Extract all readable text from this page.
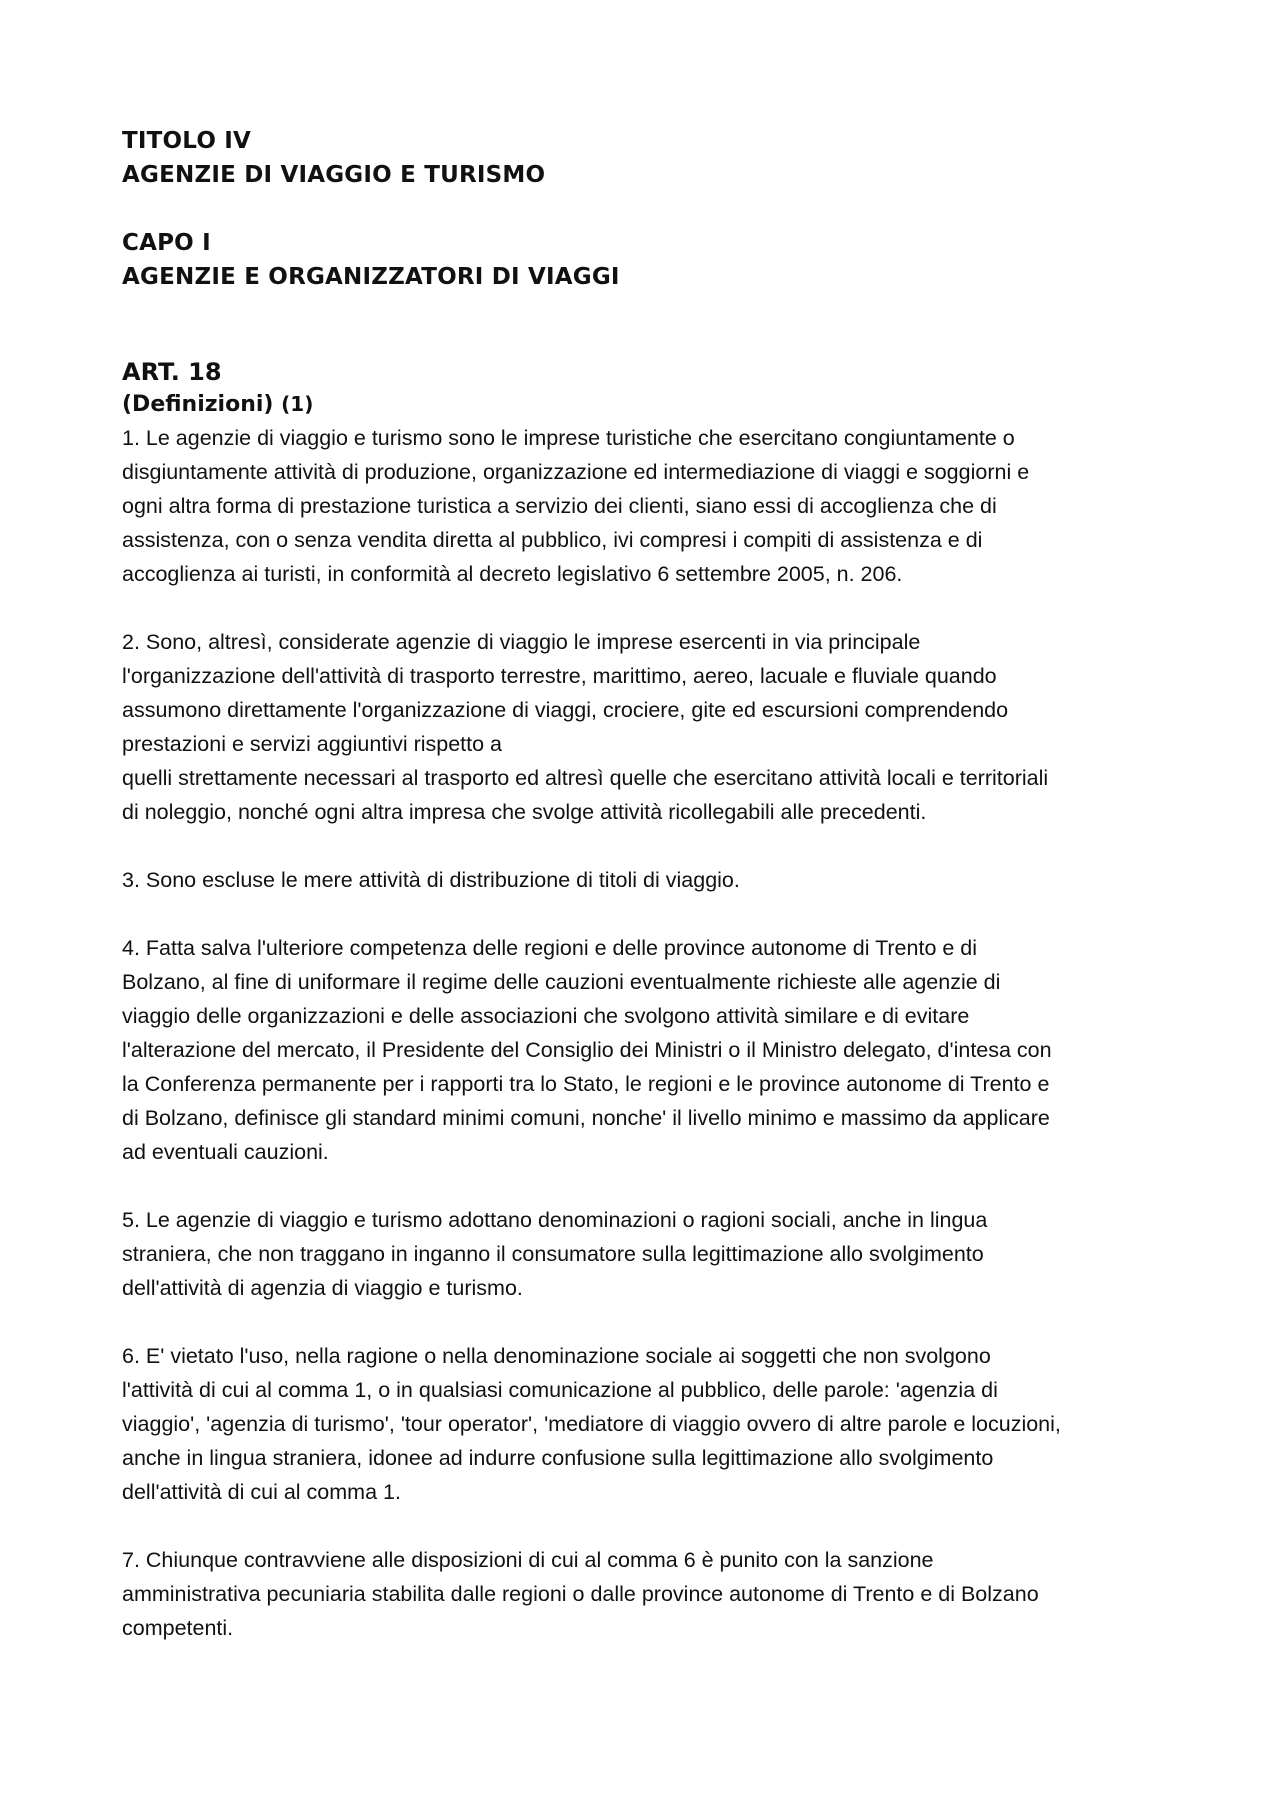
TITOLO IV

AGENZIE DI VIAGGIO E TURISMO

CAPO I

AGENZIE E ORGANIZZATORI DI VIAGGI

ART. 18

(Definizioni) (1)

1. Le agenzie di viaggio e turismo sono le imprese turistiche che esercitano congiuntamente o
disgiuntamente attività di produzione, organizzazione ed intermediazione di viaggi e soggiorni e
ogni altra forma di prestazione turistica a servizio dei clienti, siano essi di accoglienza che di
assistenza, con o senza vendita diretta al pubblico, ivi compresi i compiti di assistenza e di
accoglienza ai turisti, in conformità al decreto legislativo 6 settembre 2005, n. 206.

2. Sono, altresì, considerate agenzie di viaggio le imprese esercenti in via principale
l'organizzazione dell'attività di trasporto terrestre, marittimo, aereo, lacuale e fluviale quando
assumono direttamente l'organizzazione di viaggi, crociere, gite ed escursioni comprendendo
prestazioni e servizi aggiuntivi rispetto a
quelli strettamente necessari al trasporto ed altresì quelle che esercitano attività locali e territoriali
di noleggio, nonché ogni altra impresa che svolge attività ricollegabili alle precedenti.

3. Sono escluse le mere attività di distribuzione di titoli di viaggio.

4. Fatta salva l'ulteriore competenza delle regioni e delle province autonome di Trento e di
Bolzano, al fine di uniformare il regime delle cauzioni eventualmente richieste alle agenzie di
viaggio delle organizzazioni e delle associazioni che svolgono attività similare e di evitare
l'alterazione del mercato, il Presidente del Consiglio dei Ministri o il Ministro delegato, d'intesa con
la Conferenza permanente per i rapporti tra lo Stato, le regioni e le province autonome di Trento e
di Bolzano, definisce gli standard minimi comuni, nonche' il livello minimo e massimo da applicare
ad eventuali cauzioni.

5. Le agenzie di viaggio e turismo adottano denominazioni o ragioni sociali, anche in lingua
straniera, che non traggano in inganno il consumatore sulla legittimazione allo svolgimento
dell'attività di agenzia di viaggio e turismo.

6. E' vietato l'uso, nella ragione o nella denominazione sociale ai soggetti che non svolgono
l'attività di cui al comma 1, o in qualsiasi comunicazione al pubblico, delle parole: 'agenzia di
viaggio', 'agenzia di turismo', 'tour operator', 'mediatore di viaggio ovvero di altre parole e locuzioni,
anche in lingua straniera, idonee ad indurre confusione sulla legittimazione allo svolgimento
dell'attività di cui al comma 1.

7. Chiunque contravviene alle disposizioni di cui al comma 6 è punito con la sanzione
amministrativa pecuniaria stabilita dalle regioni o dalle province autonome di Trento e di Bolzano
competenti.
